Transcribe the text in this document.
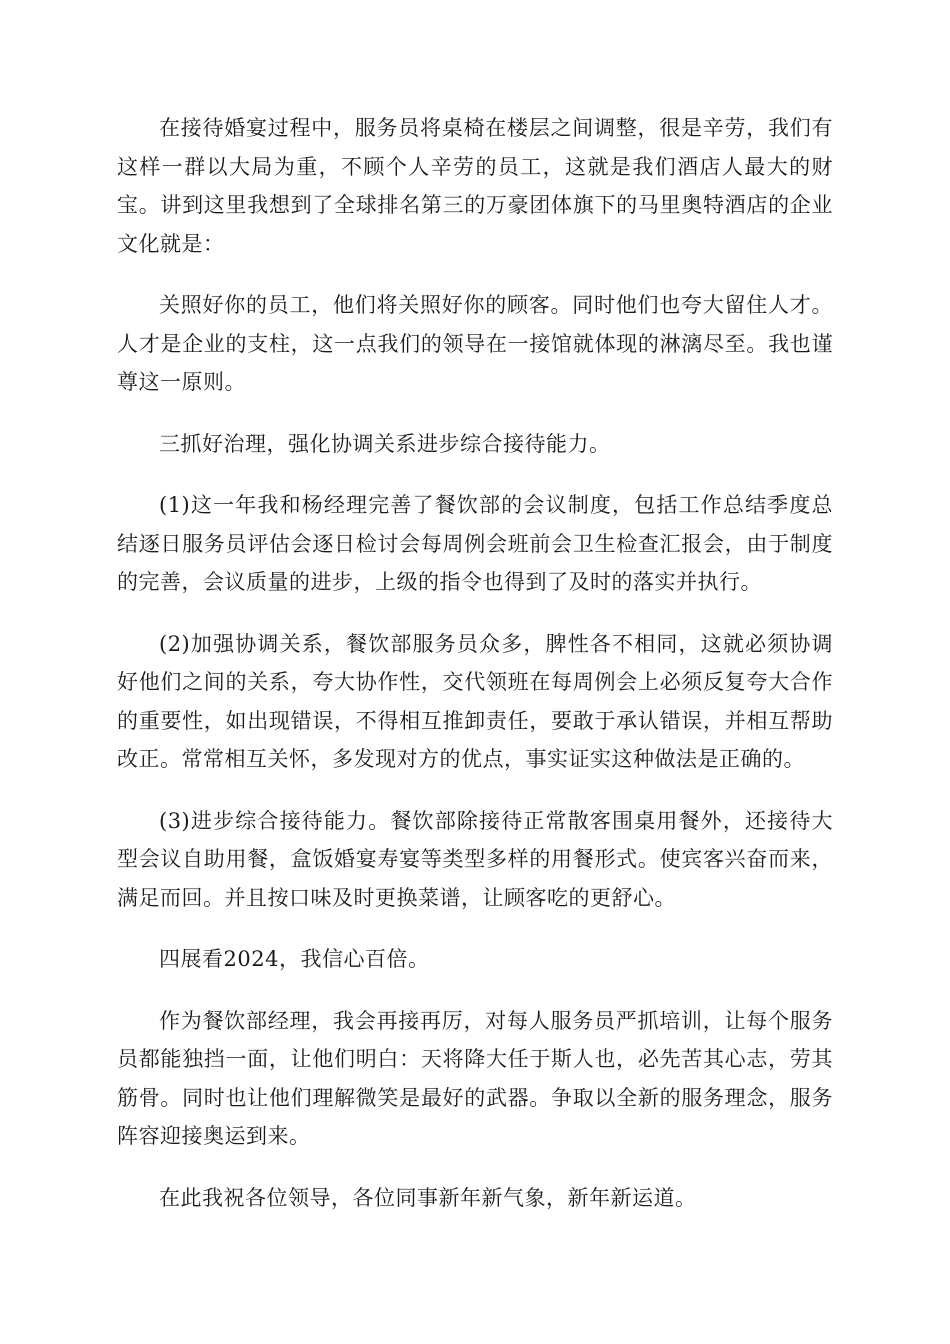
在接待婚宴过程中，服务员将桌椅在楼层之间调整，很是辛劳，我们有这样一群以大局为重，不顾个人辛劳的员工，这就是我们酒店人最大的财宝。讲到这里我想到了全球排名第三的万豪团体旗下的马里奥特酒店的企业文化就是：

关照好你的员工，他们将关照好你的顾客。同时他们也夸大留住人才。人才是企业的支柱，这一点我们的领导在一接馆就体现的淋漓尽至。我也谨尊这一原则。

三抓好治理，强化协调关系进步综合接待能力。

(1)这一年我和杨经理完善了餐饮部的会议制度，包括工作总结季度总结逐日服务员评估会逐日检讨会每周例会班前会卫生检查汇报会，由于制度的完善，会议质量的进步，上级的指令也得到了及时的落实并执行。

(2)加强协调关系，餐饮部服务员众多，脾性各不相同，这就必须协调好他们之间的关系，夸大协作性，交代领班在每周例会上必须反复夸大合作的重要性，如出现错误，不得相互推卸责任，要敢于承认错误，并相互帮助改正。常常相互关怀，多发现对方的优点，事实证实这种做法是正确的。

(3)进步综合接待能力。餐饮部除接待正常散客围桌用餐外，还接待大型会议自助用餐，盒饭婚宴寿宴等类型多样的用餐形式。使宾客兴奋而来，满足而回。并且按口味及时更换菜谱，让顾客吃的更舒心。

四展看2024，我信心百倍。

作为餐饮部经理，我会再接再厉，对每人服务员严抓培训，让每个服务员都能独挡一面，让他们明白：天将降大任于斯人也，必先苦其心志，劳其筋骨。同时也让他们理解微笑是最好的武器。争取以全新的服务理念，服务阵容迎接奥运到来。

在此我祝各位领导，各位同事新年新气象，新年新运道。
